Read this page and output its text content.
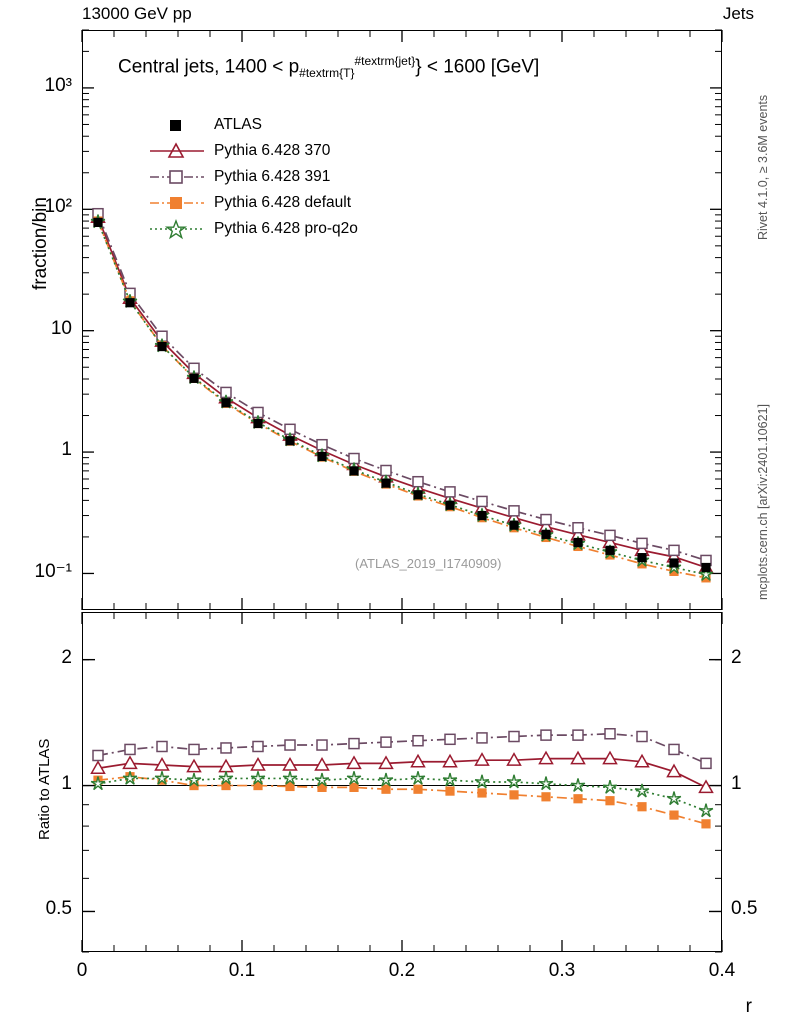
13000 GeV pp	Jets
fraction/bin
Ratio to ATLAS
Rivet 4.1.0, ≥ 3.6M events
mcplots.cern.ch [arXiv:2401.10621]
r
Central jets, $1400 < p_{\#textrm\{T\}}^{\#textrm\{jet\}}\} < 1600$ [GeV]
(ATLAS_2019_I1740909)
ATLAS
Pythia 6.428 370
Pythia 6.428 391
Pythia 6.428 default
Pythia 6.428 pro-q2o
10⁻¹
1
10
10²
10³
0.5	0.5
1	1
2	2
0	0.1	0.2	0.3	0.4
